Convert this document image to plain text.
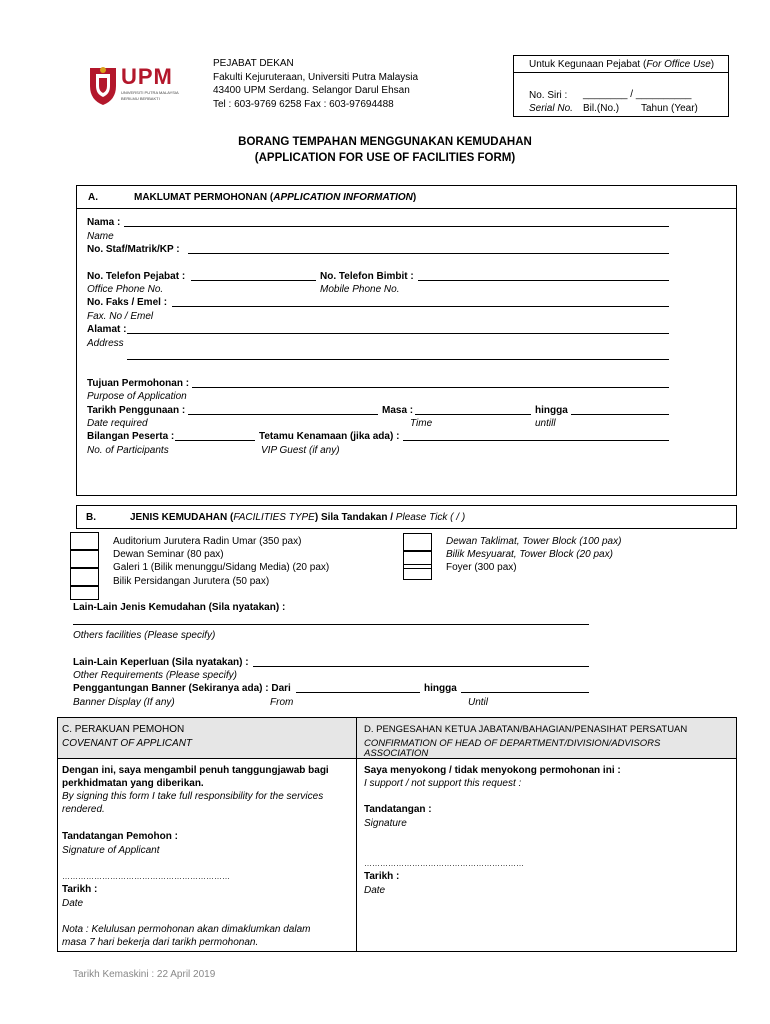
UPM
UNIVERSITI PUTRA MALAYSIA
BERILMU BERBAKTI
PEJABAT DEKAN
Fakulti Kejuruteraan, Universiti Putra Malaysia
43400 UPM Serdang. Selangor Darul Ehsan
Tel : 603-9769 6258 Fax : 603-97694488
Untuk Kegunaan Pejabat (For Office Use)
No. Siri :
Serial No.
________ / __________
Bil.(No.) Tahun (Year)
BORANG TEMPAHAN MENGGUNAKAN KEMUDAHAN
(APPLICATION FOR USE OF FACILITIES FORM)
A.	MAKLUMAT PERMOHONAN (APPLICATION INFORMATION)
Nama :
Name
No. Staf/Matrik/KP :
No. Telefon Pejabat :	No. Telefon Bimbit :
Office Phone No.	Mobile Phone No.
No. Faks / Emel :
Fax. No / Emel
Alamat :
Address
Tujuan Permohonan :
Purpose of Application
Tarikh Penggunaan :	Masa :	hingga
Date required	Time	untill
Bilangan Peserta :	Tetamu Kenamaan (jika ada) :
No. of Participants	VIP Guest (if any)
B.	JENIS KEMUDAHAN (FACILITIES TYPE) Sila Tandakan / Please Tick ( / )
Auditorium Jurutera Radin Umar (350 pax)
Dewan Seminar (80 pax)
Galeri 1 (Bilik menunggu/Sidang Media) (20 pax)
Bilik Persidangan Jurutera (50 pax)
Dewan Taklimat, Tower Block (100 pax)
Bilik Mesyuarat, Tower Block (20 pax)
Foyer (300 pax)
Lain-Lain Jenis Kemudahan (Sila nyatakan) :
Others facilities (Please specify)
Lain-Lain Keperluan (Sila nyatakan) :
Other Requirements (Please specify)
Penggantungan Banner (Sekiranya ada) : Dari	hingga
Banner Display (If any)	From	Until
C. PERAKUAN PEMOHON
COVENANT OF APPLICANT
Dengan ini, saya mengambil penuh tanggungjawab bagi
perkhidmatan yang diberikan.
By signing this form I take full responsibility for the services
rendered.
Tandatangan Pemohon :
Signature of Applicant
………………………………………………………
Tarikh :
Date
Nota : Kelulusan permohonan akan dimaklumkan dalam
masa 7 hari bekerja dari tarikh permohonan.
D. PENGESAHAN KETUA JABATAN/BAHAGIAN/PENASIHAT PERSATUAN
CONFIRMATION OF HEAD OF DEPARTMENT/DIVISION/ADVISORS
ASSOCIATION
Saya menyokong / tidak menyokong permohonan ini :
I support / not support this request :
Tandatangan :
Signature
……………………………………………………
Tarikh :
Date
Tarikh Kemaskini : 22 April 2019
